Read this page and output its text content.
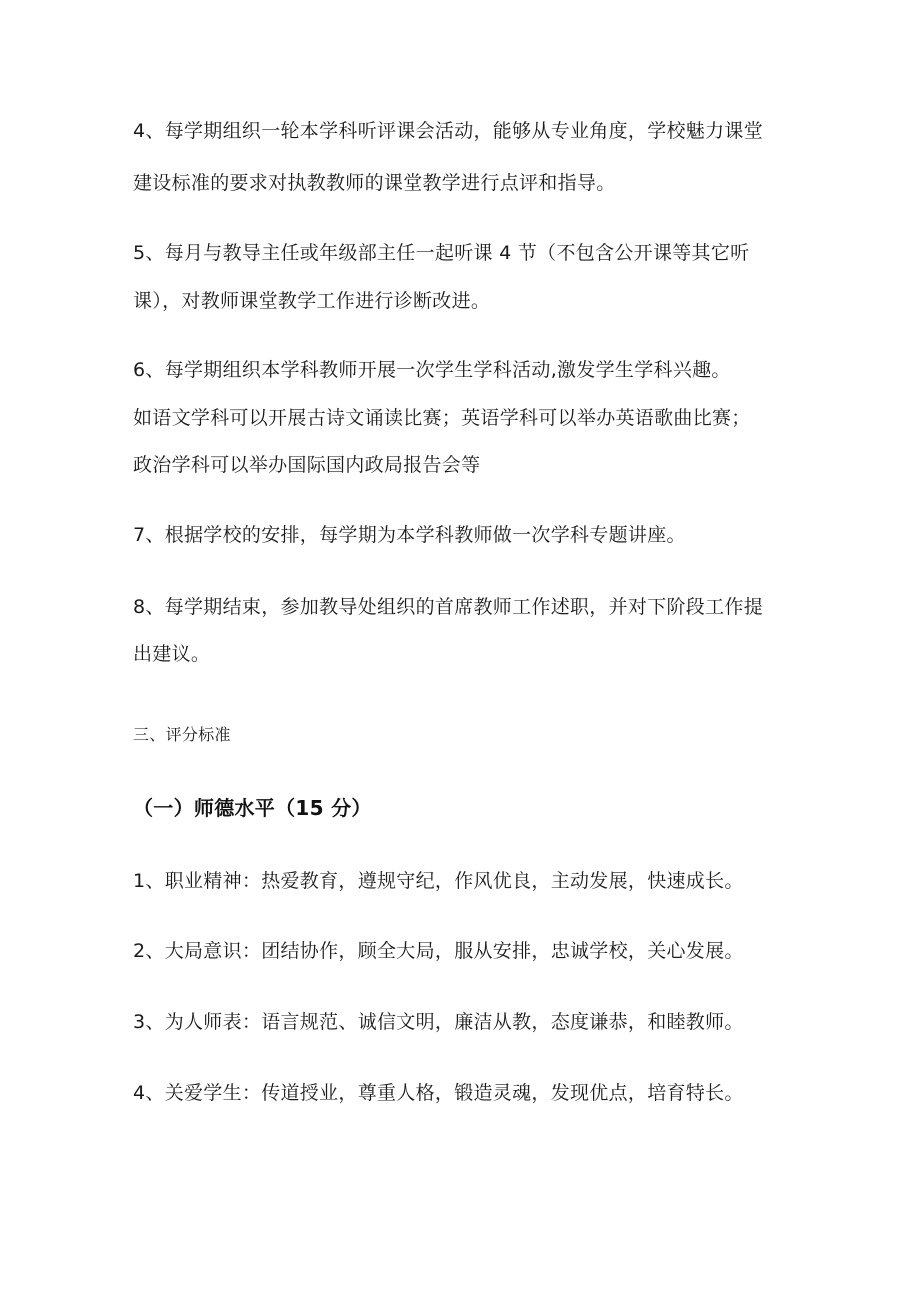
4、每学期组织一轮本学科听评课会活动，能够从专业角度，学校魅力课堂
建设标准的要求对执教教师的课堂教学进行点评和指导。
5、每月与教导主任或年级部主任一起听课 4 节（不包含公开课等其它听
课），对教师课堂教学工作进行诊断改进。
6、每学期组织本学科教师开展一次学生学科活动,激发学生学科兴趣。
如语文学科可以开展古诗文诵读比赛；英语学科可以举办英语歌曲比赛；
政治学科可以举办国际国内政局报告会等
7、根据学校的安排，每学期为本学科教师做一次学科专题讲座。
8、每学期结束，参加教导处组织的首席教师工作述职，并对下阶段工作提
出建议。
三、评分标准
（一）师德水平（15 分）
1、职业精神：热爱教育，遵规守纪，作风优良，主动发展，快速成长。
2、大局意识：团结协作，顾全大局，服从安排，忠诚学校，关心发展。
3、为人师表：语言规范、诚信文明，廉洁从教，态度谦恭，和睦教师。
4、关爱学生：传道授业，尊重人格，锻造灵魂，发现优点，培育特长。
